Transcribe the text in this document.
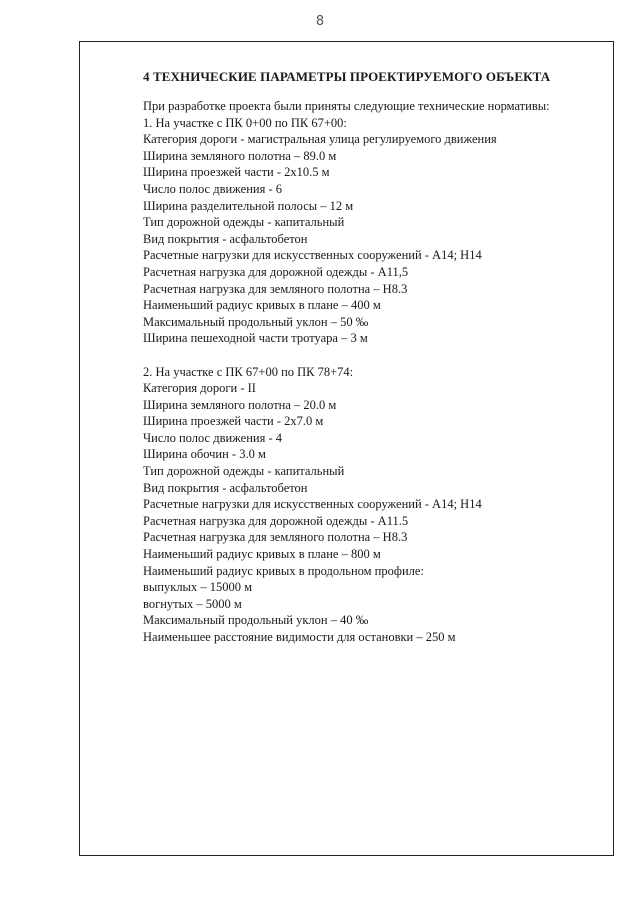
8
4 ТЕХНИЧЕСКИЕ ПАРАМЕТРЫ ПРОЕКТИРУЕМОГО ОБЪЕКТА
При разработке проекта были приняты следующие технические нормативы:
1. На участке с ПК 0+00 по ПК 67+00:
Категория дороги - магистральная улица регулируемого движения
Ширина земляного полотна – 89.0 м
Ширина проезжей части - 2х10.5 м
Число полос движения - 6
Ширина разделительной полосы – 12 м
Тип дорожной одежды - капитальный
Вид покрытия - асфальтобетон
Расчетные нагрузки для искусственных сооружений - А14; Н14
Расчетная нагрузка для дорожной одежды - А11,5
Расчетная нагрузка для земляного полотна – Н8.3
Наименьший радиус кривых в плане – 400 м
Максимальный продольный уклон – 50 ‰
Ширина пешеходной части тротуара – 3 м
2. На участке с ПК 67+00 по ПК 78+74:
Категория дороги - II
Ширина земляного полотна – 20.0 м
Ширина проезжей части - 2х7.0 м
Число полос движения - 4
Ширина обочин - 3.0 м
Тип дорожной одежды - капитальный
Вид покрытия - асфальтобетон
Расчетные нагрузки для искусственных сооружений - А14; Н14
Расчетная нагрузка для дорожной одежды - А11.5
Расчетная нагрузка для земляного полотна – Н8.3
Наименьший радиус кривых в плане – 800 м
Наименьший радиус кривых в продольном профиле:
выпуклых – 15000 м
вогнутых – 5000 м
Максимальный продольный уклон – 40 ‰
Наименьшее расстояние видимости для остановки – 250 м
